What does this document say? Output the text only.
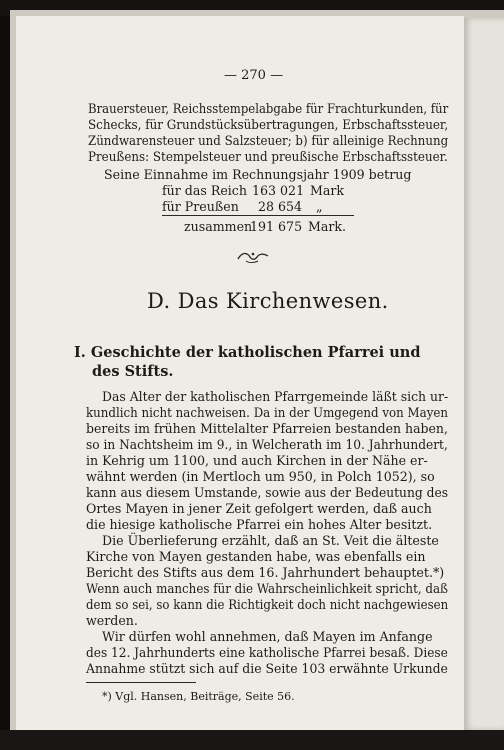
— 270 —
Brauersteuer, Reichsstempelabgabe für Frachturkunden, für
Schecks, für Grundstücksübertragungen, Erbschaftssteuer,
Zündwarensteuer und Salzsteuer; b) für alleinige Rechnung
Preußens: Stempelsteuer und preußische Erbschaftssteuer.
Seine Einnahme im Rechnungsjahr 1909 betrug
für das Reich 163 021 Mark
für Preußen 28 654 „
zusammen
191 675 Mark.
D. Das Kirchenwesen.
I. Geschichte der katholischen Pfarrei und
des Stifts.
Das Alter der katholischen Pfarrgemeinde läßt sich ur-
kundlich nicht nachweisen. Da in der Umgegend von Mayen
bereits im frühen Mittelalter Pfarreien bestanden haben,
so in Nachtsheim im 9., in Welcherath im 10. Jahrhundert,
in Kehrig um 1100, und auch Kirchen in der Nähe er-
wähnt werden (in Mertloch um 950, in Polch 1052), so
kann aus diesem Umstande, sowie aus der Bedeutung des
Ortes Mayen in jener Zeit gefolgert werden, daß auch
die hiesige katholische Pfarrei ein hohes Alter besitzt.
Die Überlieferung erzählt, daß an St. Veit die älteste
Kirche von Mayen gestanden habe, was ebenfalls ein
Bericht des Stifts aus dem 16. Jahrhundert behauptet.*)
Wenn auch manches für die Wahrscheinlichkeit spricht, daß
dem so sei, so kann die Richtigkeit doch nicht nachgewiesen
werden.
Wir dürfen wohl annehmen, daß Mayen im Anfange
des 12. Jahrhunderts eine katholische Pfarrei besaß. Diese
Annahme stützt sich auf die Seite 103 erwähnte Urkunde
*) Vgl. Hansen, Beiträge, Seite 56.
